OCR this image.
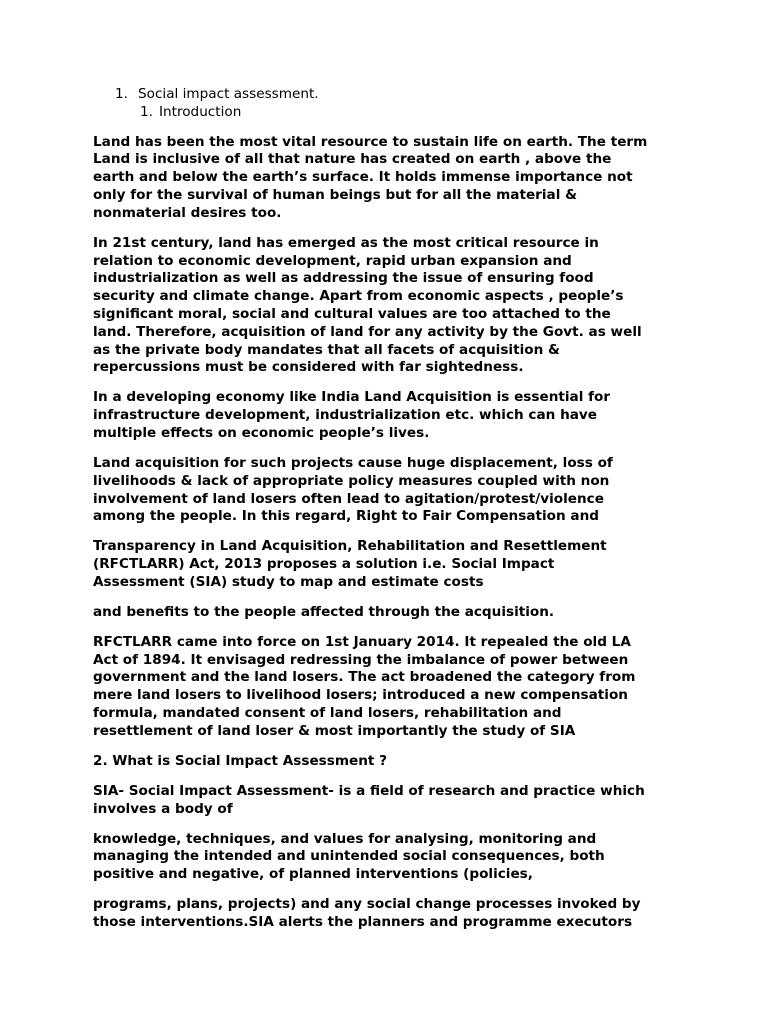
1. Social impact assessment.
1. Introduction

Land has been the most vital resource to sustain life on earth. The term
Land is inclusive of all that nature has created on earth , above the
earth and below the earth’s surface. It holds immense importance not
only for the survival of human beings but for all the material &
nonmaterial desires too.

In 21st century, land has emerged as the most critical resource in
relation to economic development, rapid urban expansion and
industrialization as well as addressing the issue of ensuring food
security and climate change. Apart from economic aspects , people’s
significant moral, social and cultural values are too attached to the
land. Therefore, acquisition of land for any activity by the Govt. as well
as the private body mandates that all facets of acquisition &
repercussions must be considered with far sightedness.

In a developing economy like India Land Acquisition is essential for
infrastructure development, industrialization etc. which can have
multiple effects on economic people’s lives.

Land acquisition for such projects cause huge displacement, loss of
livelihoods & lack of appropriate policy measures coupled with non
involvement of land losers often lead to agitation/protest/violence
among the people. In this regard, Right to Fair Compensation and

Transparency in Land Acquisition, Rehabilitation and Resettlement
(RFCTLARR) Act, 2013 proposes a solution i.e. Social Impact
Assessment (SIA) study to map and estimate costs

and benefits to the people affected through the acquisition.

RFCTLARR came into force on 1st January 2014. It repealed the old LA
Act of 1894. It envisaged redressing the imbalance of power between
government and the land losers. The act broadened the category from
mere land losers to livelihood losers; introduced a new compensation
formula, mandated consent of land losers, rehabilitation and
resettlement of land loser & most importantly the study of SIA

2. What is Social Impact Assessment ?

SIA- Social Impact Assessment- is a field of research and practice which
involves a body of

knowledge, techniques, and values for analysing, monitoring and
managing the intended and unintended social consequences, both
positive and negative, of planned interventions (policies,

programs, plans, projects) and any social change processes invoked by
those interventions.SIA alerts the planners and programme executors
